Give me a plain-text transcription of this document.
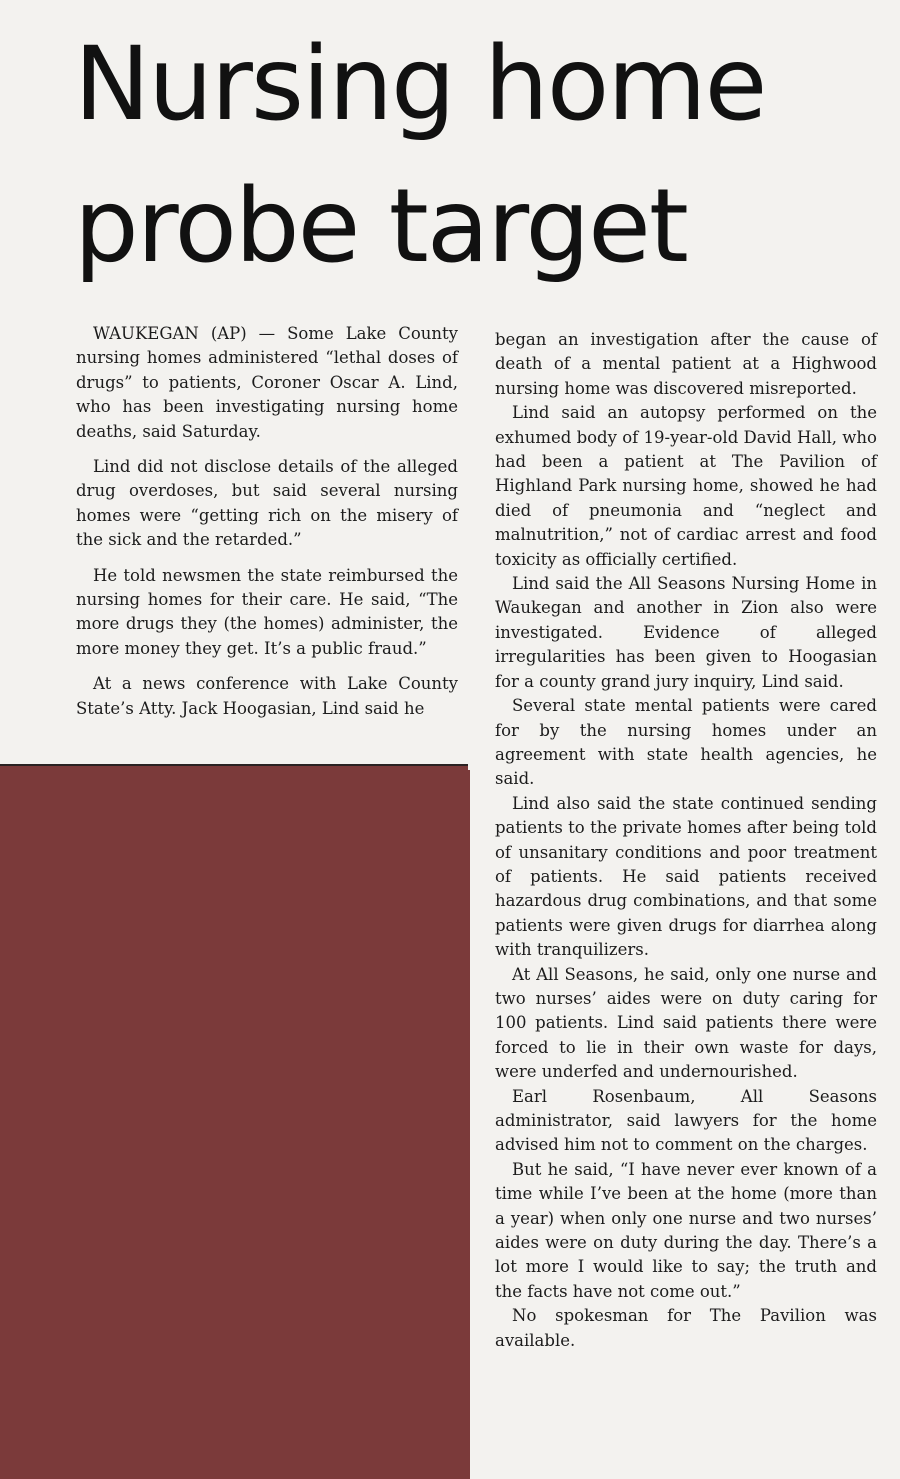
Nursing home
probe target

WAUKEGAN (AP) — Some Lake County nursing homes administered “lethal doses of drugs” to patients, Coroner Oscar A. Lind, who has been investigating nursing home deaths, said Saturday.

Lind did not disclose details of the alleged drug overdoses, but said several nursing homes were “getting rich on the misery of the sick and the retarded.”

He told newsmen the state reimbursed the nursing homes for their care. He said, “The more drugs they (the homes) administer, the more money they get. It’s a public fraud.”

At a news conference with Lake County State’s Atty. Jack Hoogasian, Lind said he

began an investigation after the cause of death of a mental patient at a Highwood nursing home was discovered misreported.

Lind said an autopsy performed on the exhumed body of 19-year-old David Hall, who had been a patient at The Pavilion of Highland Park nursing home, showed he had died of pneumonia and “neglect and malnutrition,” not of cardiac arrest and food toxicity as officially certified.

Lind said the All Seasons Nursing Home in Waukegan and another in Zion also were investigated. Evidence of alleged irregularities has been given to Hoogasian for a county grand jury inquiry, Lind said.

Several state mental patients were cared for by the nursing homes under an agreement with state health agencies, he said.

Lind also said the state continued sending patients to the private homes after being told of unsanitary conditions and poor treatment of patients. He said patients received hazardous drug combinations, and that some patients were given drugs for diarrhea along with tranquilizers.

At All Seasons, he said, only one nurse and two nurses’ aides were on duty caring for 100 patients. Lind said patients there were forced to lie in their own waste for days, were underfed and undernourished.

Earl Rosenbaum, All Seasons administrator, said lawyers for the home advised him not to comment on the charges.

But he said, “I have never ever known of a time while I’ve been at the home (more than a year) when only one nurse and two nurses’ aides were on duty during the day. There’s a lot more I would like to say; the truth and the facts have not come out.”

No spokesman for The Pavilion was available.
